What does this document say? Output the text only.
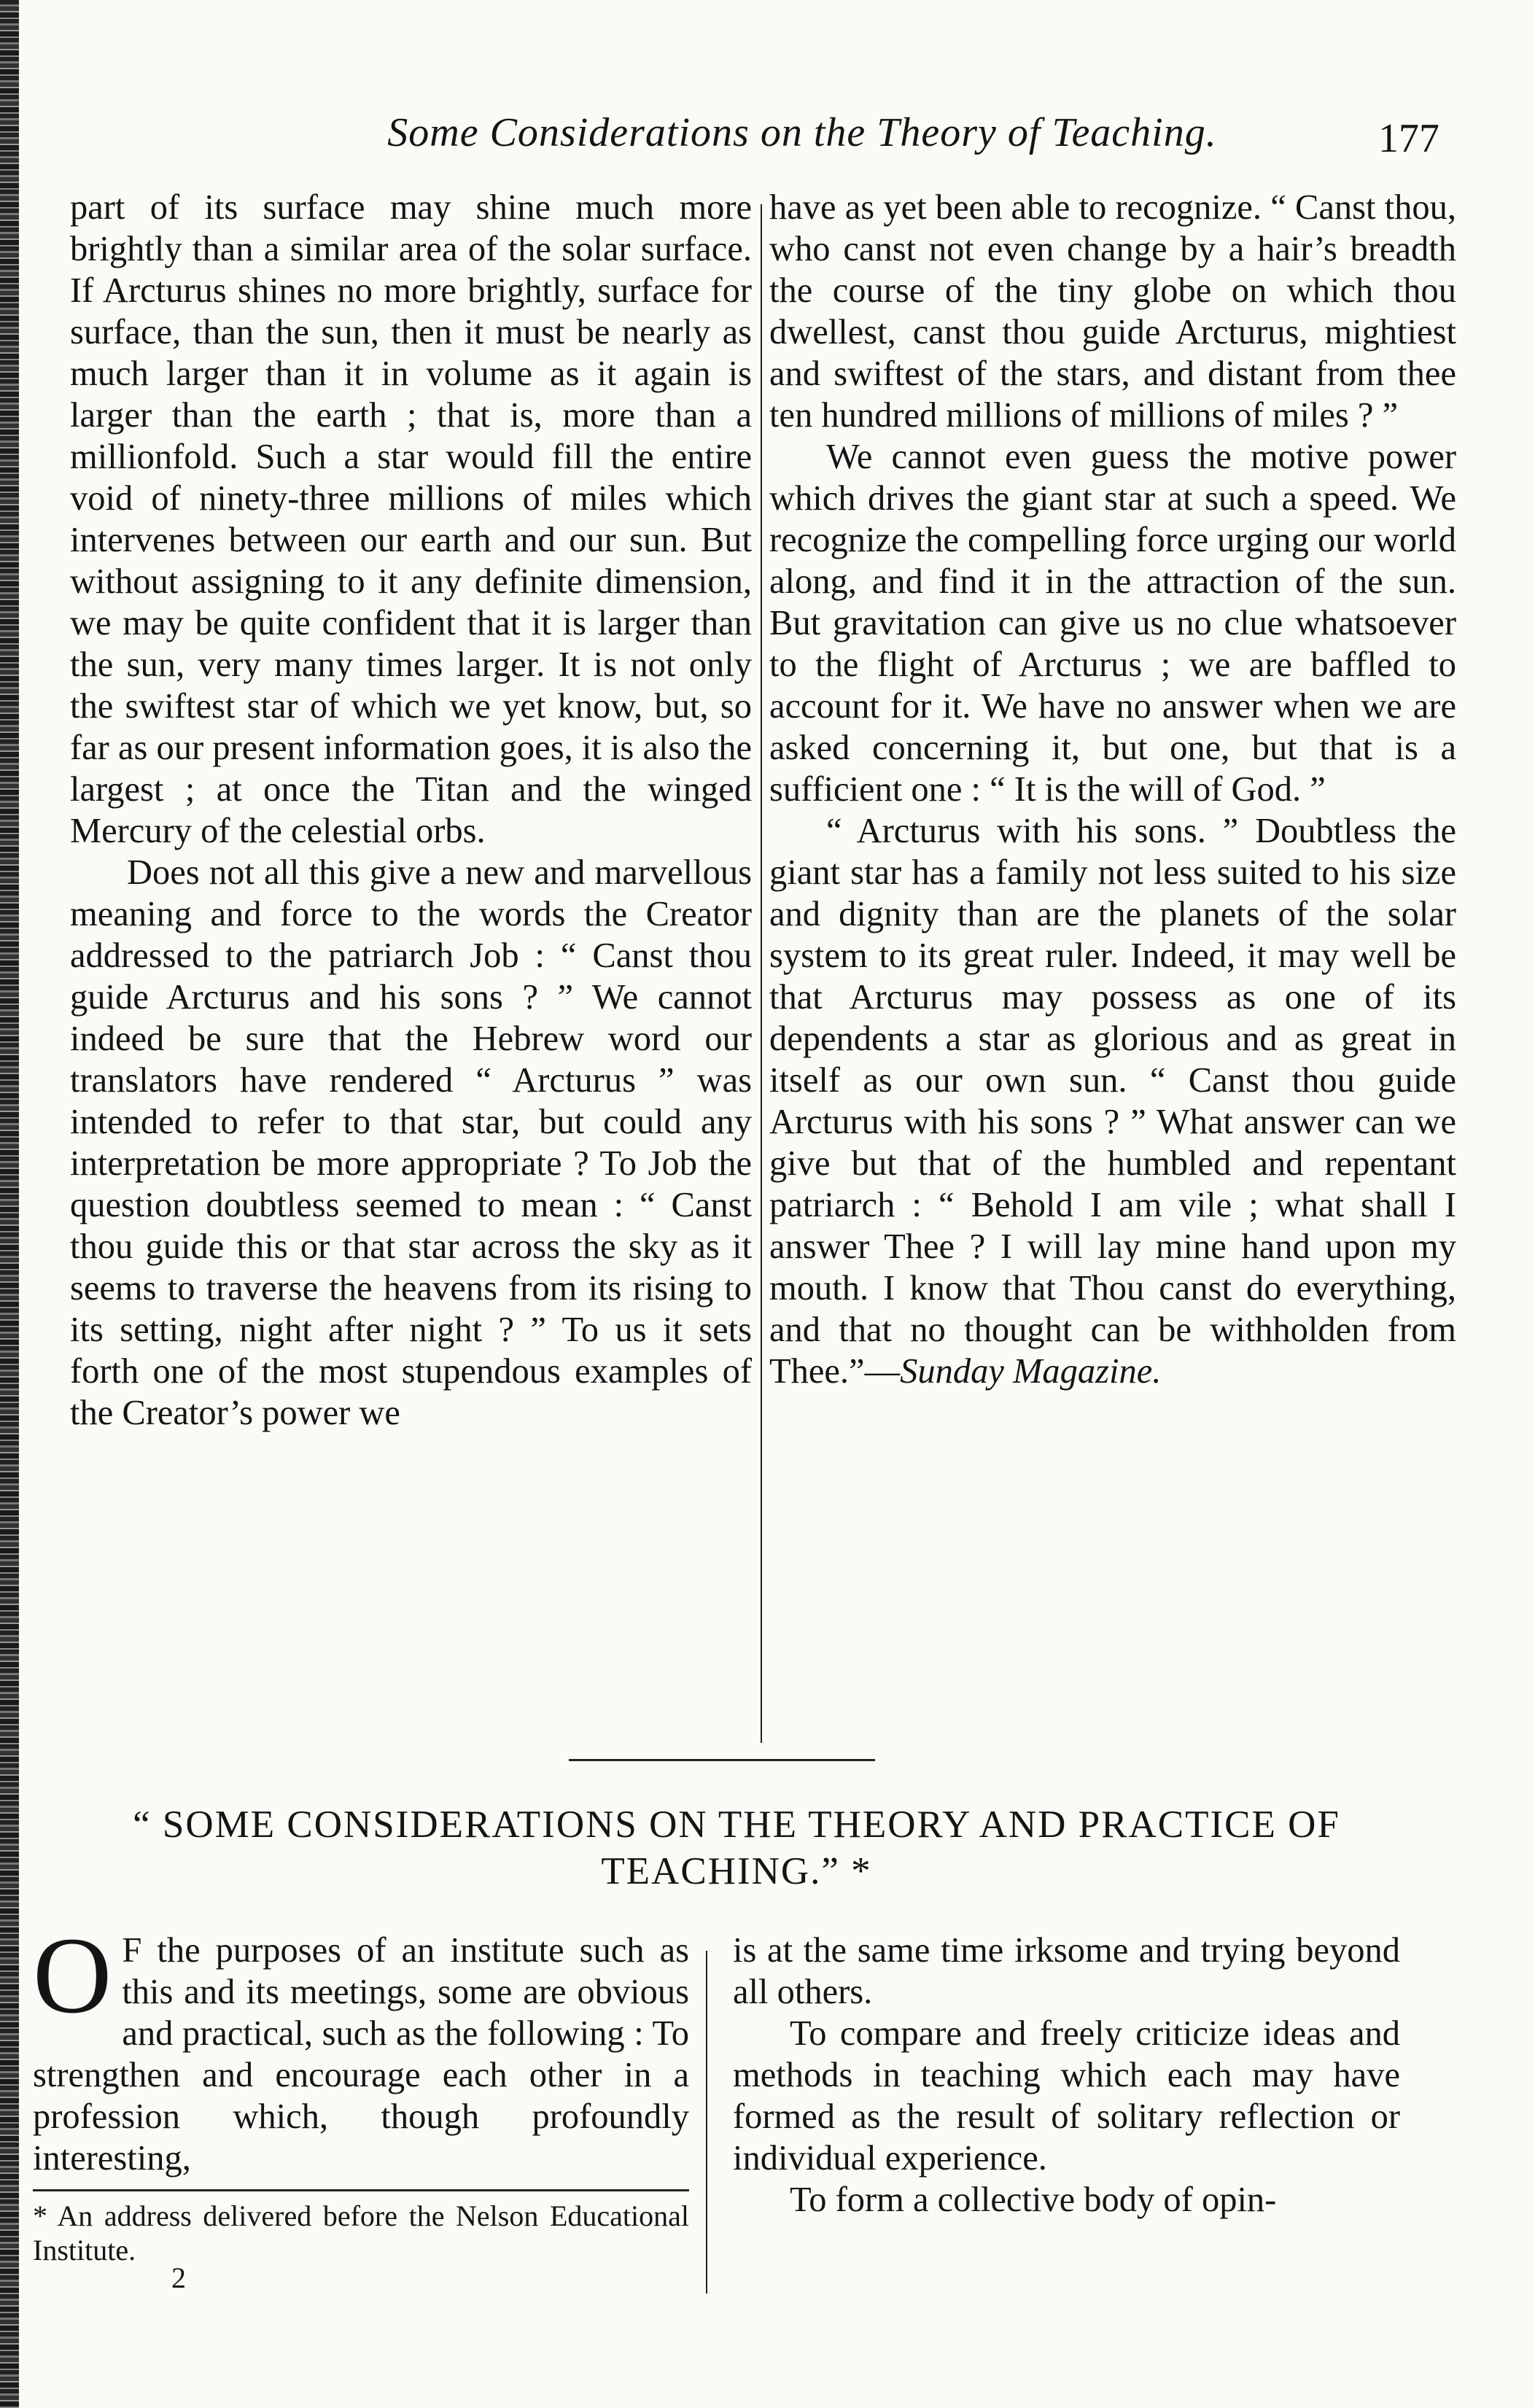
Some Considerations on the Theory of Teaching.	177

part of its surface may shine much more brightly than a similar area of the solar surface. If Arcturus shines no more brightly, surface for surface, than the sun, then it must be nearly as much larger than it in volume as it again is larger than the earth ; that is, more than a millionfold. Such a star would fill the entire void of ninety-three millions of miles which intervenes between our earth and our sun. But without assigning to it any definite dimension, we may be quite confident that it is larger than the sun, very many times larger. It is not only the swiftest star of which we yet know, but, so far as our present information goes, it is also the largest ; at once the Titan and the winged Mercury of the celestial orbs.

Does not all this give a new and marvellous meaning and force to the words the Creator addressed to the patriarch Job : “ Canst thou guide Arcturus and his sons ? ” We cannot indeed be sure that the Hebrew word our translators have rendered “ Arcturus ” was intended to refer to that star, but could any interpretation be more appropriate ? To Job the question doubtless seemed to mean : “ Canst thou guide this or that star across the sky as it seems to traverse the heavens from its rising to its setting, night after night ? ” To us it sets forth one of the most stupendous examples of the Creator’s power we

have as yet been able to recognize. “ Canst thou, who canst not even change by a hair’s breadth the course of the tiny globe on which thou dwellest, canst thou guide Arcturus, mightiest and swiftest of the stars, and distant from thee ten hundred millions of millions of miles ? ”

We cannot even guess the motive power which drives the giant star at such a speed. We recognize the compelling force urging our world along, and find it in the attraction of the sun. But gravitation can give us no clue whatsoever to the flight of Arcturus ; we are baffled to account for it. We have no answer when we are asked concerning it, but one, but that is a sufficient one : “ It is the will of God. ”

“ Arcturus with his sons. ” Doubtless the giant star has a family not less suited to his size and dignity than are the planets of the solar system to its great ruler. Indeed, it may well be that Arcturus may possess as one of its dependents a star as glorious and as great in itself as our own sun. “ Canst thou guide Arcturus with his sons ? ” What answer can we give but that of the humbled and repentant patriarch : “ Behold I am vile ; what shall I answer Thee ? I will lay mine hand upon my mouth. I know that Thou canst do everything, and that no thought can be withholden from Thee.”—Sunday Magazine.

“ SOME CONSIDERATIONS ON THE THEORY AND PRACTICE OF TEACHING.” *

O F the purposes of an institute such as this and its meetings, some are obvious and practical, such as the following : To strengthen and encourage each other in a profession which, though profoundly interesting,

* An address delivered before the Nelson Educational Institute.
2

is at the same time irksome and trying beyond all others.

To compare and freely criticize ideas and methods in teaching which each may have formed as the result of solitary reflection or individual experience.

To form a collective body of opin-
